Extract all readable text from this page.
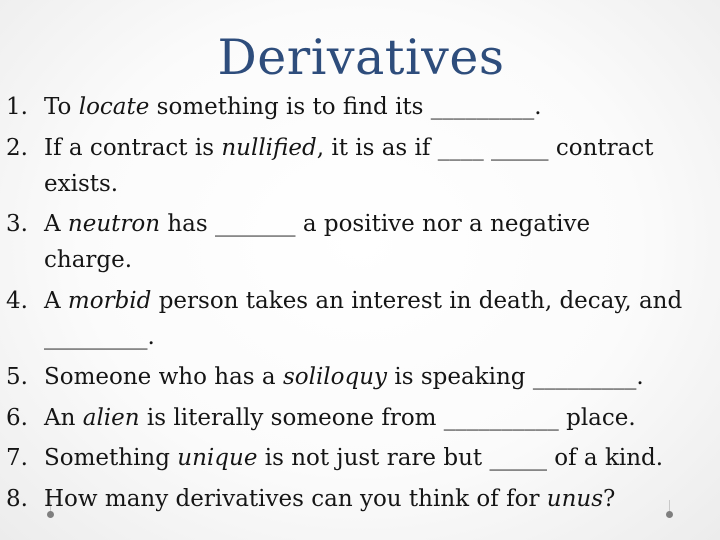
Derivatives
1. To locate something is to find its _________.
2. If a contract is nullified, it is as if ____ _____ contract
exists.
3. A neutron has _______ a positive nor a negative
charge.
4. A morbid person takes an interest in death, decay, and
_________.
5. Someone who has a soliloquy is speaking _________.
6. An alien is literally someone from __________ place.
7. Something unique is not just rare but _____ of a kind.
8. How many derivatives can you think of for unus?
